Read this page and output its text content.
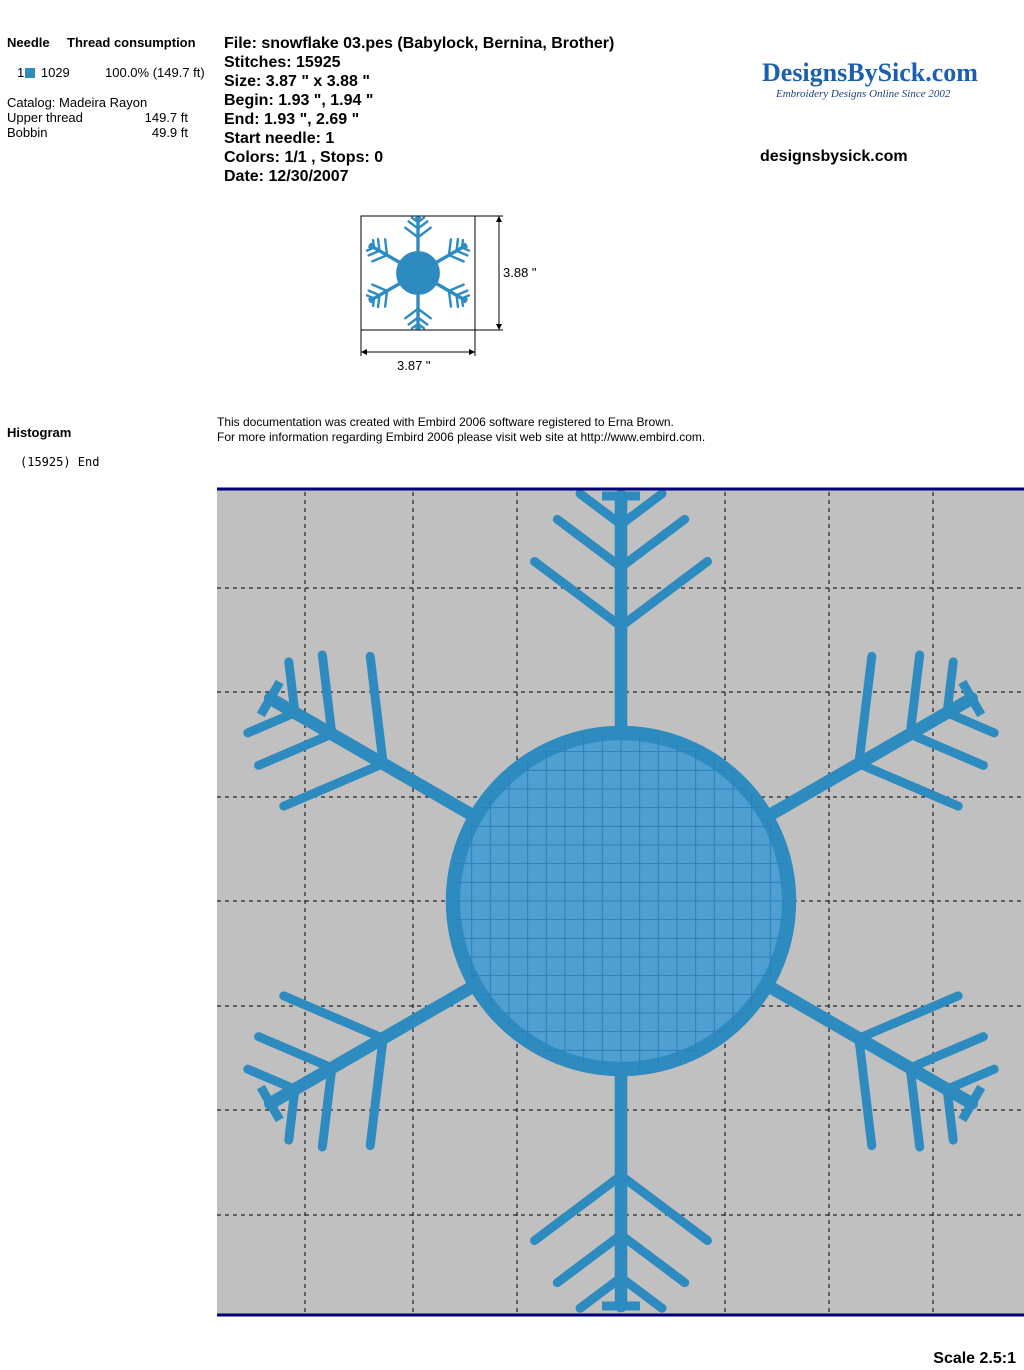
Needle Thread consumption
1 1029	100.0% (149.7 ft)
Catalog: Madeira Rayon
Upper thread	149.7 ft
Bobbin	49.9 ft
File: snowflake 03.pes (Babylock, Bernina, Brother)
Stitches: 15925
Size: 3.87 " x 3.88 "
Begin: 1.93 ", 1.94 "
End: 1.93 ", 2.69 "
Start needle: 1
Colors: 1/1 , Stops: 0
Date: 12/30/2007
DesignsBySick.com
Embroidery Designs Online Since 2002
designsbysick.com
3.88 "
3.87 "
Histogram
(15925) End
This documentation was created with Embird 2006 software registered to Erna Brown.
For more information regarding Embird 2006 please visit web site at http://www.embird.com.
Scale 2.5:1
